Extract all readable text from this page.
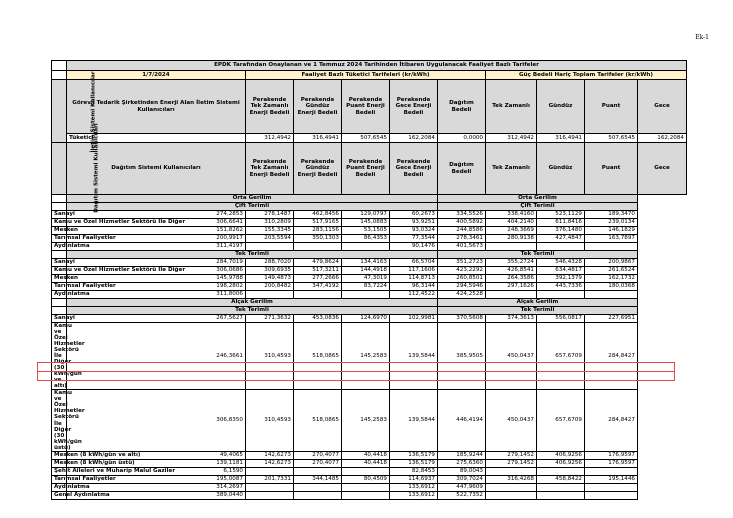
Ek-1
	EPDK Tarafından Onaylanan ve 1 Temmuz 2024 Tarihinden İtibaren Uygulanacak Faaliyet Bazlı Tarifeler									
	1/7/2024	Faaliyet Bazlı Tüketici Tarifeleri (kr/kWh)					Güç Bedeli Hariç Toplam Tarifeler (kr/kWh)			
İletim Sistemi Kullanıcıları	Görevli Tedarik Şirketinden Enerji Alan İletim Sistemi Kullanıcıları	Perakende Tek Zamanlı Enerji Bedeli	Perakende Gündüz Enerji Bedeli	Perakende Puant Enerji Bedeli	Perakende Gece Enerji Bedeli	Dağıtım Bedeli	Tek Zamanlı	Gündüz	Puant	Gece
	Tüketici	312,4942	316,4941	507,6545	162,2084	0,0000	312,4942	316,4941	507,6545	162,2084
Dağıtım Sistemi Kullanıcıları	Dağıtım Sistemi Kullanıcıları	Perakende Tek Zamanlı Enerji Bedeli	Perakende Gündüz Enerji Bedeli	Perakende Puant Enerji Bedeli	Perakende Gece Enerji Bedeli	Dağıtım Bedeli	Tek Zamanlı	Gündüz	Puant	Gece
	Orta Gerilim					Orta Gerilim				
	Çift Terimli					Çift Terimli				
Sanayi	274,2853	278,1487	462,8456	129,0797	60,2673	334,5526	338,4160	523,1129	189,3470	
Kamu ve Özel Hizmetler Sektörü İle Diğer	306,6641	310,2809	517,9165	145,0883	93,9251	400,5892	404,2140	611,8416	239,0134	
Mesken	151,8262	155,3345	283,1156	53,1505	93,0324	244,8586	248,3669	376,1480	146,1829	
Tarımsal Faaliyetler	200,9917	203,5594	350,1303	86,4353	77,3544	278,3461	280,9138	427,4847	163,7897	
Aydınlatma	311,4197				90,1476	401,5673				
	Tek Terimli					Tek Terimli				
Sanayi	284,7019	288,7020	479,8624	134,4163	66,5704	351,2723	355,2724	546,4328	200,9867	
Kamu ve Özel Hizmetler Sektörü İle Diğer	306,0686	309,6935	517,3211	144,4918	117,1606	423,2292	426,8541	634,4817	261,6524	
Mesken	145,9788	149,4873	277,2666	47,3019	114,8713	260,8501	264,3586	392,1379	162,1732	
Tarımsal Faaliyetler	198,2802	200,8482	347,4192	83,7224	96,3144	294,5946	297,1626	443,7336	180,0368	
Aydınlatma	311,8006				112,4522	424,2528				
	Alçak Gerilim					Alçak Gerilim				
	Tek Terimli					Tek Terimli				
Sanayi	267,5627	271,3632	453,0836	124,6970	102,9981	370,5608	374,3613	556,0817	227,6951	
Kamu ve Özel Hizmetler Sektörü İle Diğer (30 kWh/gün ve altı)	246,3661	310,4593	518,0865	145,2583	139,5844	385,9505	450,0437	657,6709	284,8427	
Kamu ve Özel Hizmetler Sektörü İle Diğer (30 kWh/gün üstü)	306,8350	310,4593	518,0865	145,2583	139,5844	446,4194	450,0437	657,6709	284,8427	
Mesken (8 kWh/gün ve altı)	49,4065	142,6273	270,4077	40,4418	136,5179	185,9244	279,1452	406,9256	176,9597	
Mesken (8 kWh/gün üstü)	139,1181	142,6273	270,4077	40,4418	136,5179	275,6360	279,1452	406,9256	176,9597	
Şehit Aileleri ve Muharip Malul Gaziler	6,1590				82,8453	89,0043				
Tarımsal Faaliyetler	195,0087	201,7331	344,1485	80,4509	114,6937	309,7024	316,4268	458,8422	195,1446	
Aydınlatma	314,2697				133,6912	447,9609				
Genel Aydınlatma	389,0440				133,6912	522,7352				
